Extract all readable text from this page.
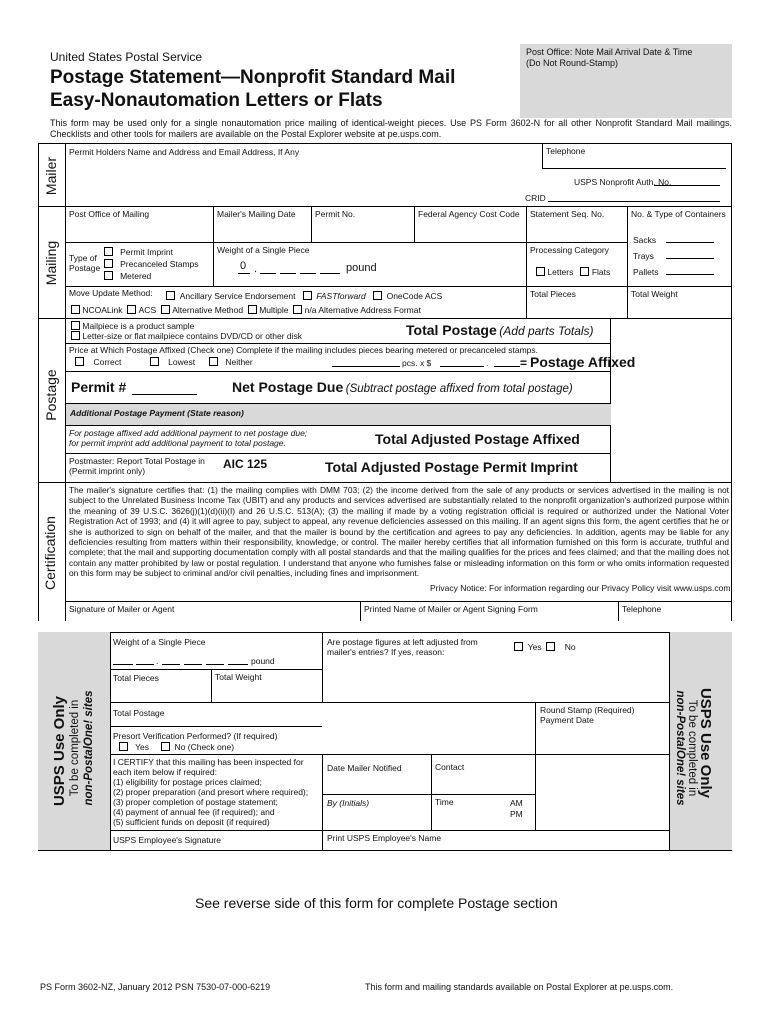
United States Postal Service
Postage Statement—Nonprofit Standard Mail
Easy-Nonautomation Letters or Flats
Post Office: Note Mail Arrival Date & Time
(Do Not Round-Stamp)
This form may be used only for a single nonautomation price mailing of identical-weight pieces. Use PS Form 3602-N for all other Nonprofit Standard Mail mailings. Checklists and other tools for mailers are available on the Postal Explorer website at pe.usps.com.
Mailer
Permit Holders Name and Address and Email Address, If Any	Telephone
USPS Nonprofit Auth. No.
CRID
Mailing
Post Office of Mailing	Mailer's Mailing Date	Permit No.	Federal Agency Cost Code	Statement Seq. No.	No. & Type of Containers
Sacks
Trays
Pallets
Type of
Postage
Permit Imprint
Precanceled Stamps
Metered
Weight of a Single Piece
0 .	pound
Processing Category
Letters Flats
Move Update Method:	Ancillary Service Endorsement FASTforward OneCode ACS
NCOALink ACS Alternative Method Multiple n/a Alternative Address Format
Total Pieces	Total Weight
Postage
Mailpiece is a product sample
Letter-size or flat mailpiece contains DVD/CD or other disk	Total Postage (Add parts Totals)
Price at Which Postage Affixed (Check one) Complete if the mailing includes pieces bearing metered or precanceled stamps.
Correct	Lowest	Neither	pcs. x $	.	= Postage Affixed
Permit #	Net Postage Due (Subtract postage affixed from total postage)
Additional Postage Payment (State reason)
For postage affixed add additional payment to net postage due;
for permit imprint add additional payment to total postage.	Total Adjusted Postage Affixed
Postmaster: Report Total Postage in
(Permit imprint only)	AIC 125	Total Adjusted Postage Permit Imprint
Certification
The mailer's signature certifies that: (1) the mailing complies with DMM 703; (2) the income derived from the sale of any products or services advertised in the mailing is not subject to the Unrelated Business Income Tax (UBIT) and any products and services advertised are substantially related to the nonprofit organization's authorized purpose within the meaning of 39 U.S.C. 3626(j)(1)(d)(ii)(I) and 26 U.S.C. 513(A); (3) the mailing if made by a voting registration official is required or authorized under the National Voter Registration Act of 1993; and (4) it will agree to pay, subject to appeal, any revenue deficiencies assessed on this mailing. If an agent signs this form, the agent certifies that he or she is authorized to sign on behalf of the mailer, and that the mailer is bound by the certification and agrees to pay any deficiencies. In addition, agents may be liable for any deficiencies resulting from matters within their responsibility, knowledge, or control. The mailer hereby certifies that all information furnished on this form is accurate, truthful and complete; that the mail and supporting documentation comply with all postal standards and that the mailing qualifies for the prices and fees claimed; and that the mailing does not contain any matter prohibited by law or postal regulation. I understand that anyone who furnishes false or misleading information on this form or who omits information requested on this form may be subject to criminal and/or civil penalties, including fines and imprisonment.
Privacy Notice: For information regarding our Privacy Policy visit www.usps.com
Signature of Mailer or Agent	Printed Name of Mailer or Agent Signing Form	Telephone
USPS Use Only To be completed in non-PostalOne! sites	USPS Use Only
To be completed in
non-PostalOne! sites
Weight of a Single Piece
.	pound
Are postage figures at left adjusted from mailer's entries? If yes, reason:	Yes	No
Total Pieces	Total Weight
Total Postage	Round Stamp (Required)
Payment Date
Presort Verification Performed? (If required)
Yes	No (Check one)
I CERTIFY that this mailing has been inspected for each item below if required:
(1) eligibility for postage prices claimed;
(2) proper preparation (and presort where required);
(3) proper completion of postage statement;
(4) payment of annual fee (if required); and
(5) sufficient funds on deposit (if required)
Date Mailer Notified	Contact
By (Initials)	Time	AM
PM
USPS Employee's Signature	Print USPS Employee's Name
See reverse side of this form for complete Postage section
PS Form 3602-NZ, January 2012 PSN 7530-07-000-6219	This form and mailing standards available on Postal Explorer at pe.usps.com.
